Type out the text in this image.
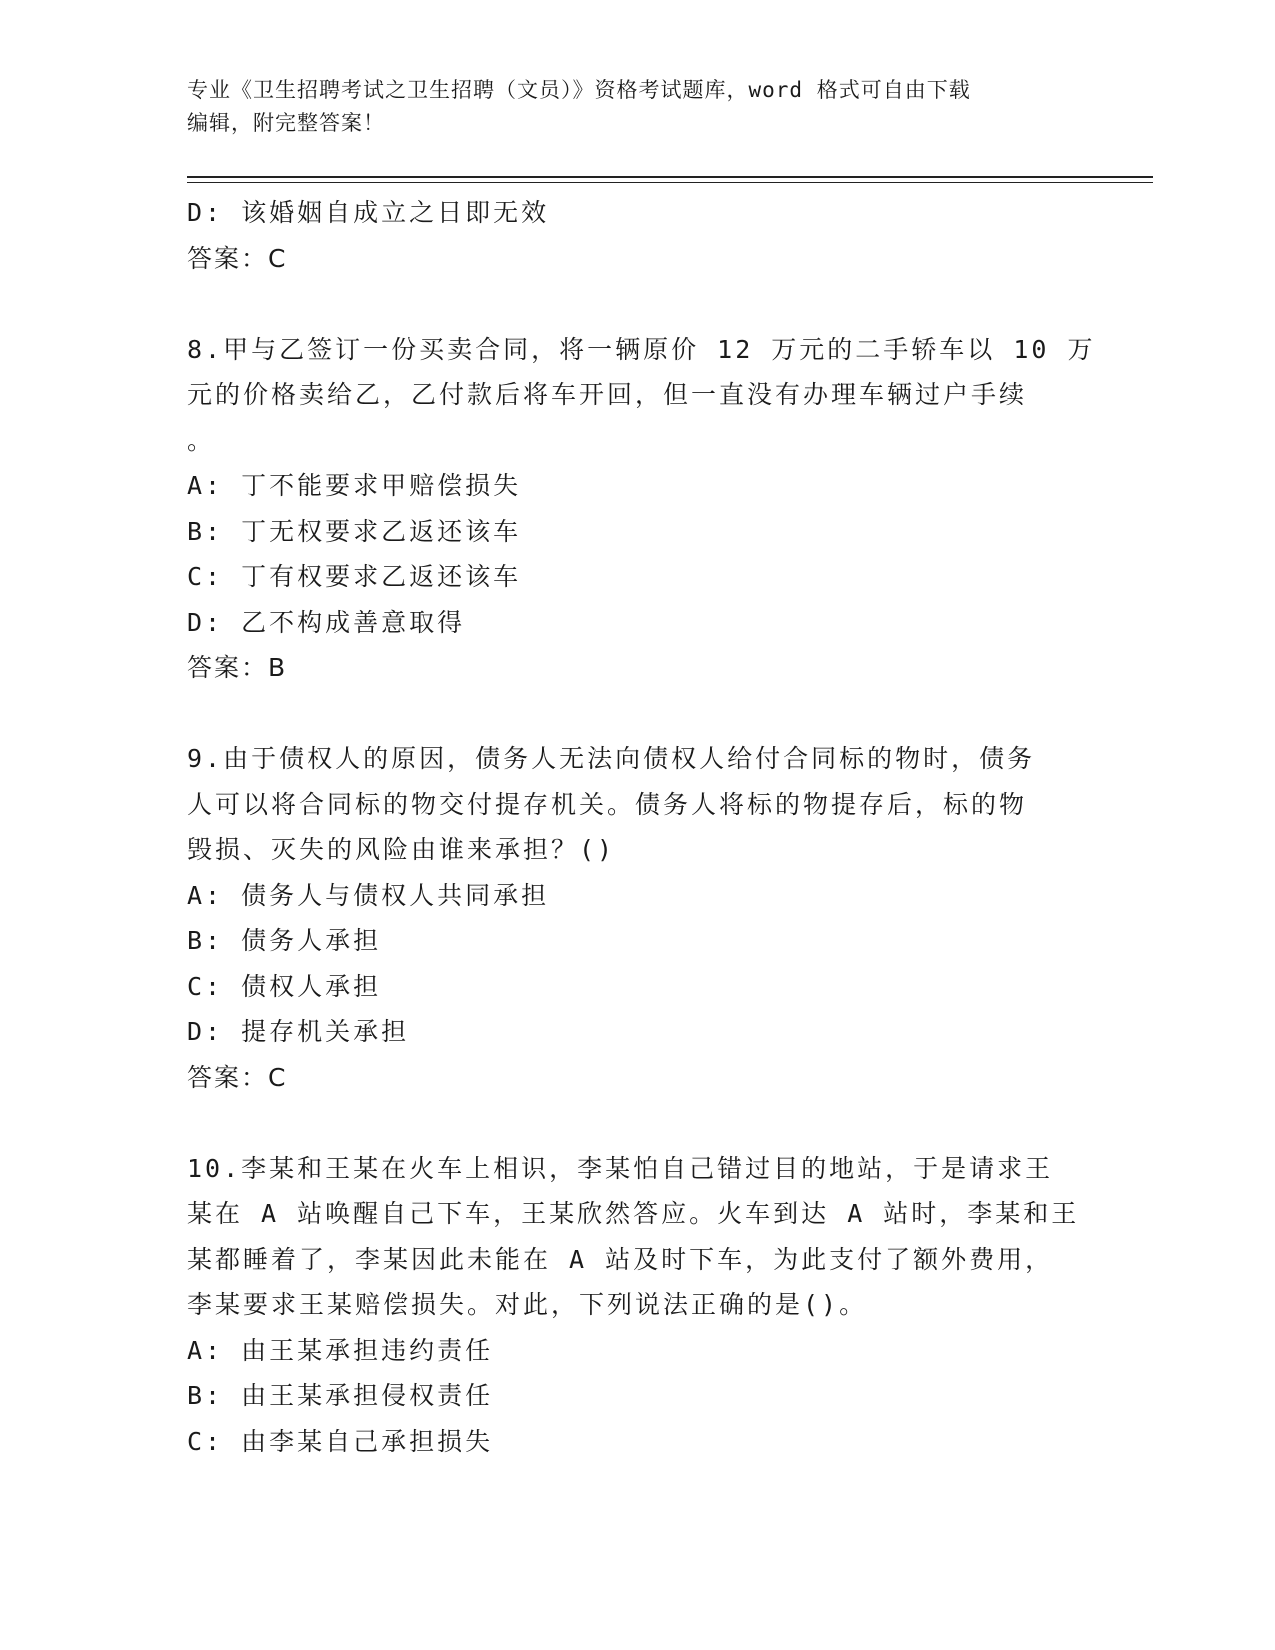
专业《卫生招聘考试之卫生招聘（文员）》资格考试题库，word 格式可自由下载
编辑，附完整答案！
D: 该婚姻自成立之日即无效
答案：C
8.甲与乙签订一份买卖合同，将一辆原价 12 万元的二手轿车以 10 万
元的价格卖给乙，乙付款后将车开回，但一直没有办理车辆过户手续
。
A: 丁不能要求甲赔偿损失
B: 丁无权要求乙返还该车
C: 丁有权要求乙返还该车
D: 乙不构成善意取得
答案：B
9.由于债权人的原因，债务人无法向债权人给付合同标的物时，债务
人可以将合同标的物交付提存机关。债务人将标的物提存后，标的物
毁损、灭失的风险由谁来承担？()
A: 债务人与债权人共同承担
B: 债务人承担
C: 债权人承担
D: 提存机关承担
答案：C
10.李某和王某在火车上相识，李某怕自己错过目的地站，于是请求王
某在 A 站唤醒自己下车，王某欣然答应。火车到达 A 站时，李某和王
某都睡着了，李某因此未能在 A 站及时下车，为此支付了额外费用，
李某要求王某赔偿损失。对此，下列说法正确的是()。
A: 由王某承担违约责任
B: 由王某承担侵权责任
C: 由李某自己承担损失
